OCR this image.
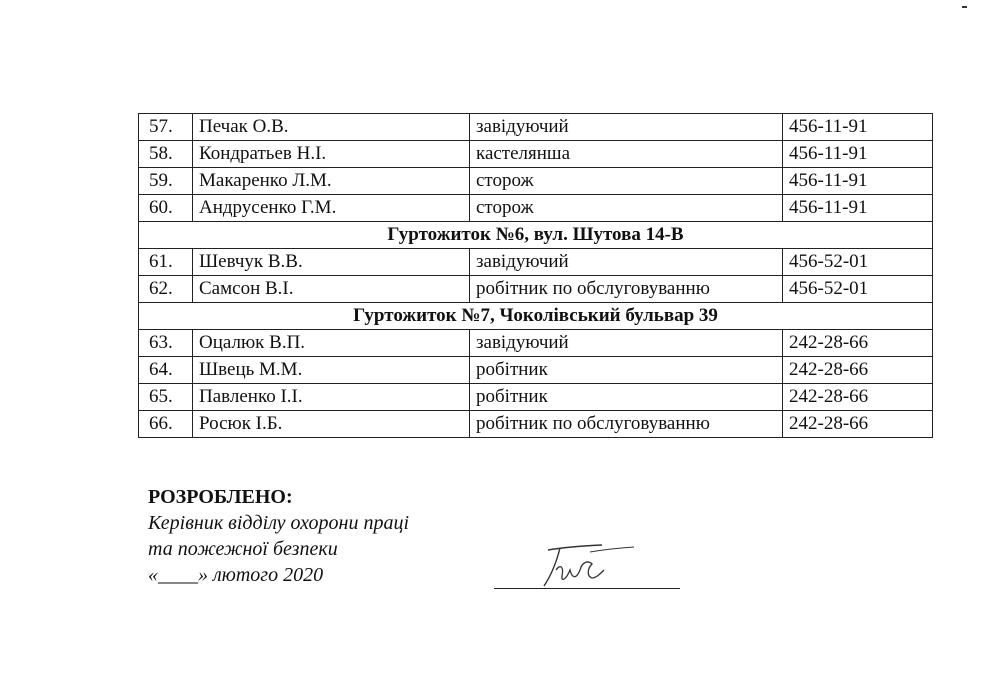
57.	Печак О.В.	завідуючий	456-11-91
58.	Кондратьев Н.І.	кастелянша	456-11-91
59.	Макаренко Л.М.	сторож	456-11-91
60.	Андрусенко Г.М.	сторож	456-11-91
Гуртожиток №6, вул. Шутова 14-В			
61.	Шевчук В.В.	завідуючий	456-52-01
62.	Самсон В.І.	робітник по обслуговуванню	456-52-01
Гуртожиток №7, Чоколівський бульвар 39			
63.	Оцалюк В.П.	завідуючий	242-28-66
64.	Швець М.М.	робітник	242-28-66
65.	Павленко І.І.	робітник	242-28-66
66.	Росюк І.Б.	робітник по обслуговуванню	242-28-66
РОЗРОБЛЕНО:
Керівник відділу охорони праці
та пожежної безпеки
«____» лютого 2020
